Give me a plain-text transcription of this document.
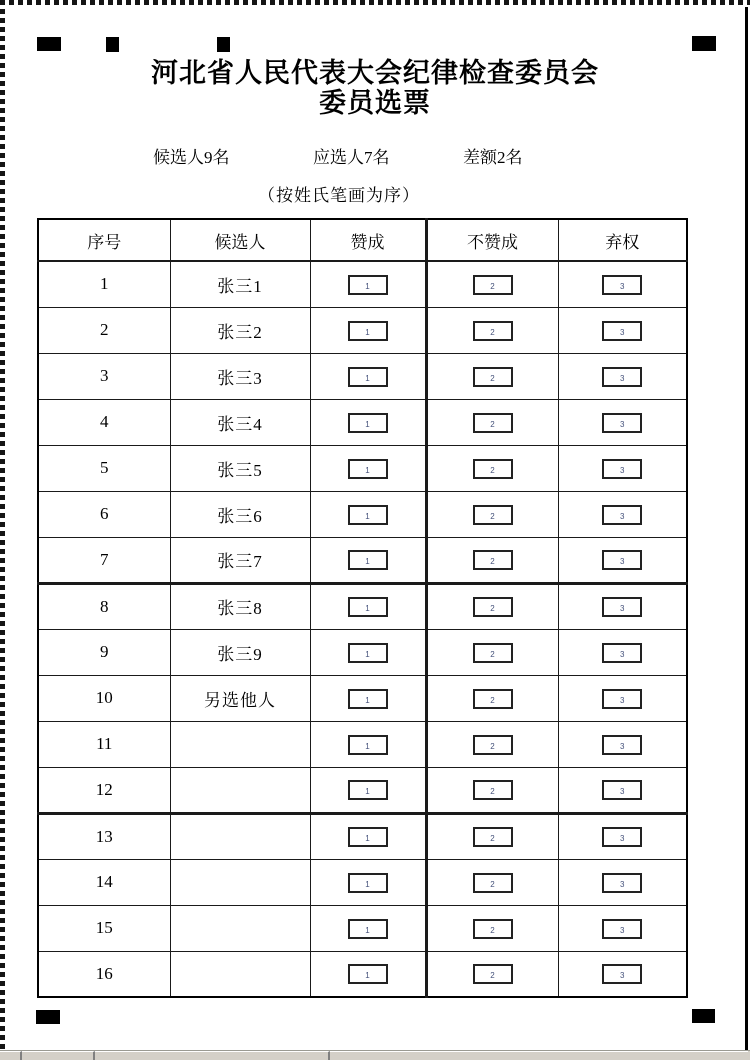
河北省人民代表大会纪律检查委员会
委员选票
候选人9名	应选人7名	差额2名
（按姓氏笔画为序）
序号	候选人	赞成	不赞成	弃权
1	张三1	1	2	3
2	张三2	1	2	3
3	张三3	1	2	3
4	张三4	1	2	3
5	张三5	1	2	3
6	张三6	1	2	3
7	张三7	1	2	3
8	张三8	1	2	3
9	张三9	1	2	3
10	另选他人	1	2	3
11		1	2	3
12		1	2	3
13		1	2	3
14		1	2	3
15		1	2	3
16		1	2	3
